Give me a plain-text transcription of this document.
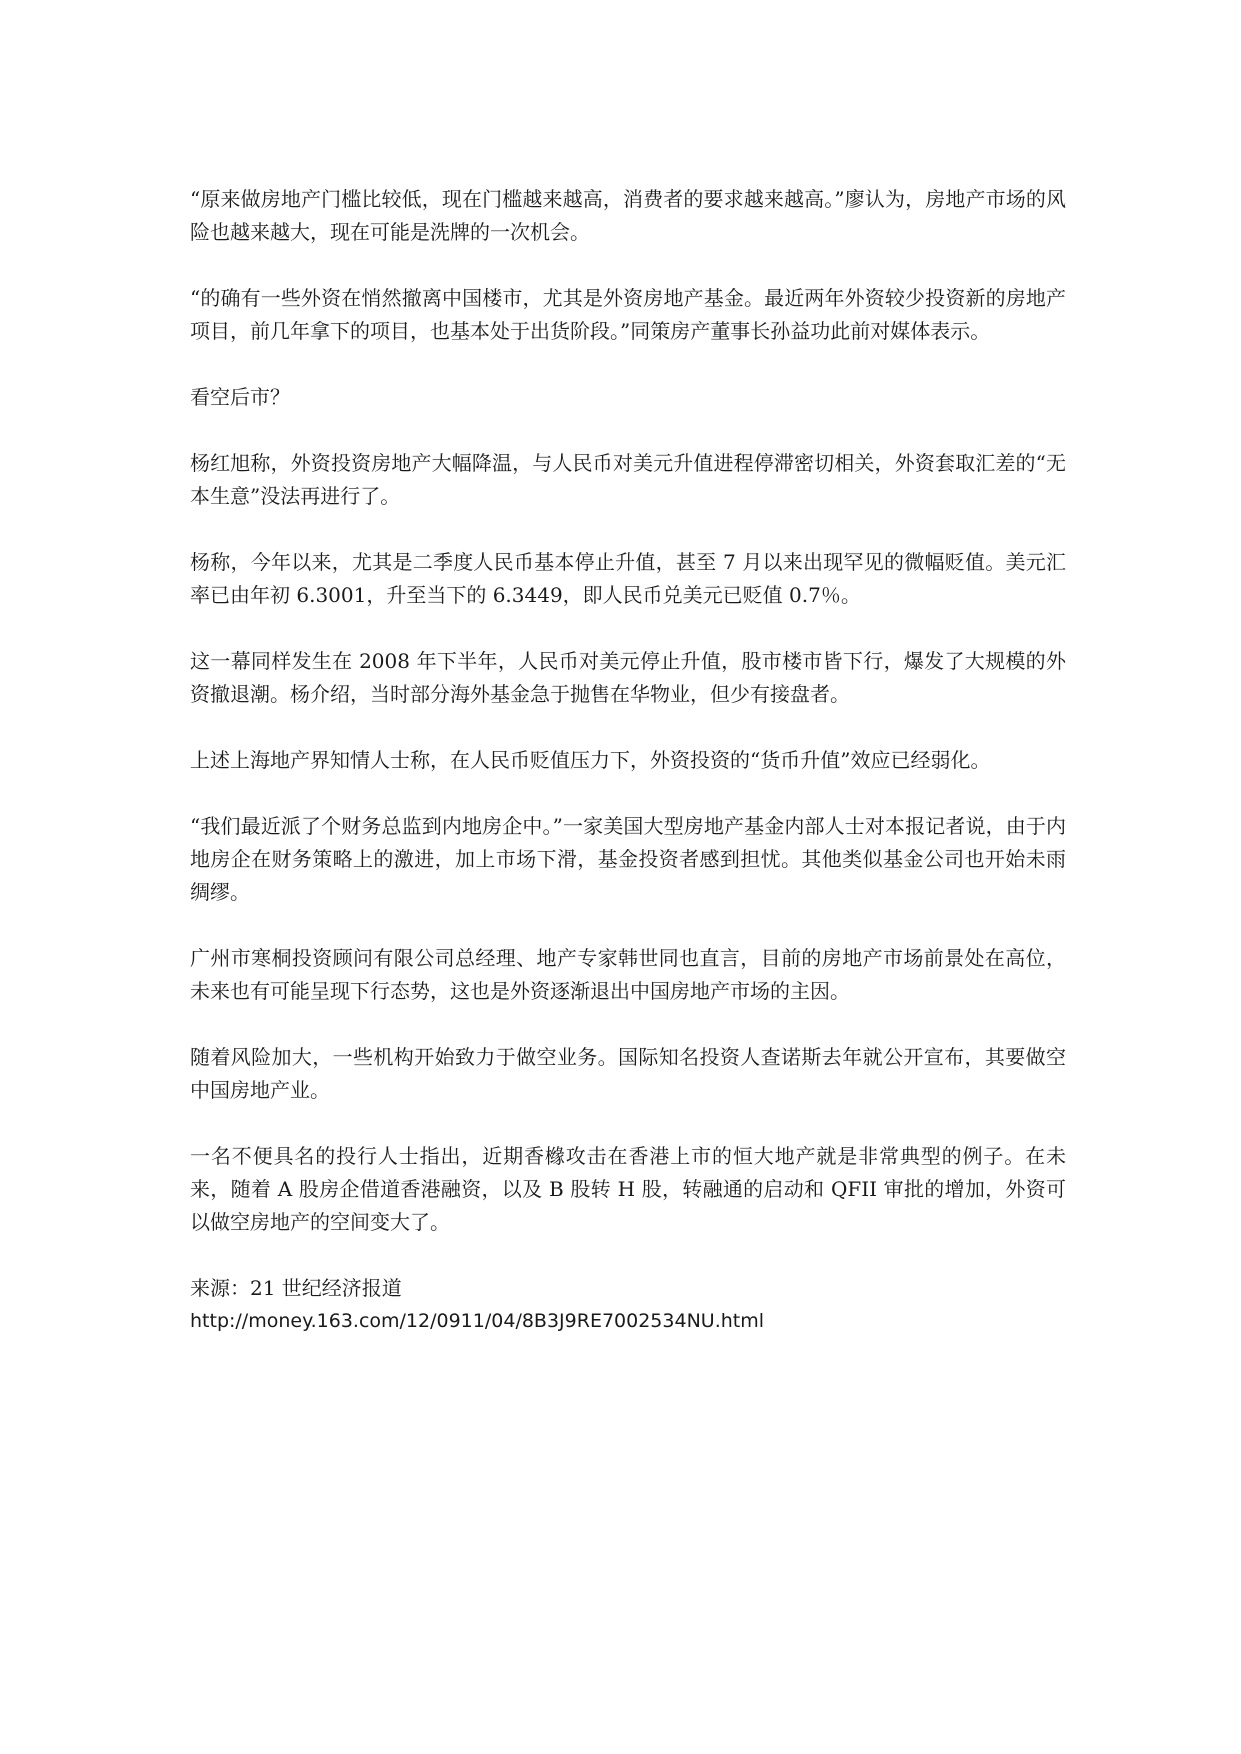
“原来做房地产门槛比较低，现在门槛越来越高，消费者的要求越来越高。”廖认为，房地产市场的风险也越来越大，现在可能是洗牌的一次机会。

“的确有一些外资在悄然撤离中国楼市，尤其是外资房地产基金。最近两年外资较少投资新的房地产项目，前几年拿下的项目，也基本处于出货阶段。”同策房产董事长孙益功此前对媒体表示。

看空后市？

杨红旭称，外资投资房地产大幅降温，与人民币对美元升值进程停滞密切相关，外资套取汇差的“无本生意”没法再进行了。

杨称，今年以来，尤其是二季度人民币基本停止升值，甚至 7 月以来出现罕见的微幅贬值。美元汇率已由年初 6.3001，升至当下的 6.3449，即人民币兑美元已贬值 0.7％。

这一幕同样发生在 2008 年下半年，人民币对美元停止升值，股市楼市皆下行，爆发了大规模的外资撤退潮。杨介绍，当时部分海外基金急于抛售在华物业，但少有接盘者。

上述上海地产界知情人士称，在人民币贬值压力下，外资投资的“货币升值”效应已经弱化。

“我们最近派了个财务总监到内地房企中。”一家美国大型房地产基金内部人士对本报记者说，由于内地房企在财务策略上的激进，加上市场下滑，基金投资者感到担忧。其他类似基金公司也开始未雨绸缪。

广州市寒桐投资顾问有限公司总经理、地产专家韩世同也直言，目前的房地产市场前景处在高位，未来也有可能呈现下行态势，这也是外资逐渐退出中国房地产市场的主因。

随着风险加大，一些机构开始致力于做空业务。国际知名投资人查诺斯去年就公开宣布，其要做空中国房地产业。

一名不便具名的投行人士指出，近期香橼攻击在香港上市的恒大地产就是非常典型的例子。在未来，随着 A 股房企借道香港融资，以及 B 股转 H 股，转融通的启动和 QFII 审批的增加，外资可以做空房地产的空间变大了。

来源：21 世纪经济报道

http://money.163.com/12/0911/04/8B3J9RE7002534NU.html
